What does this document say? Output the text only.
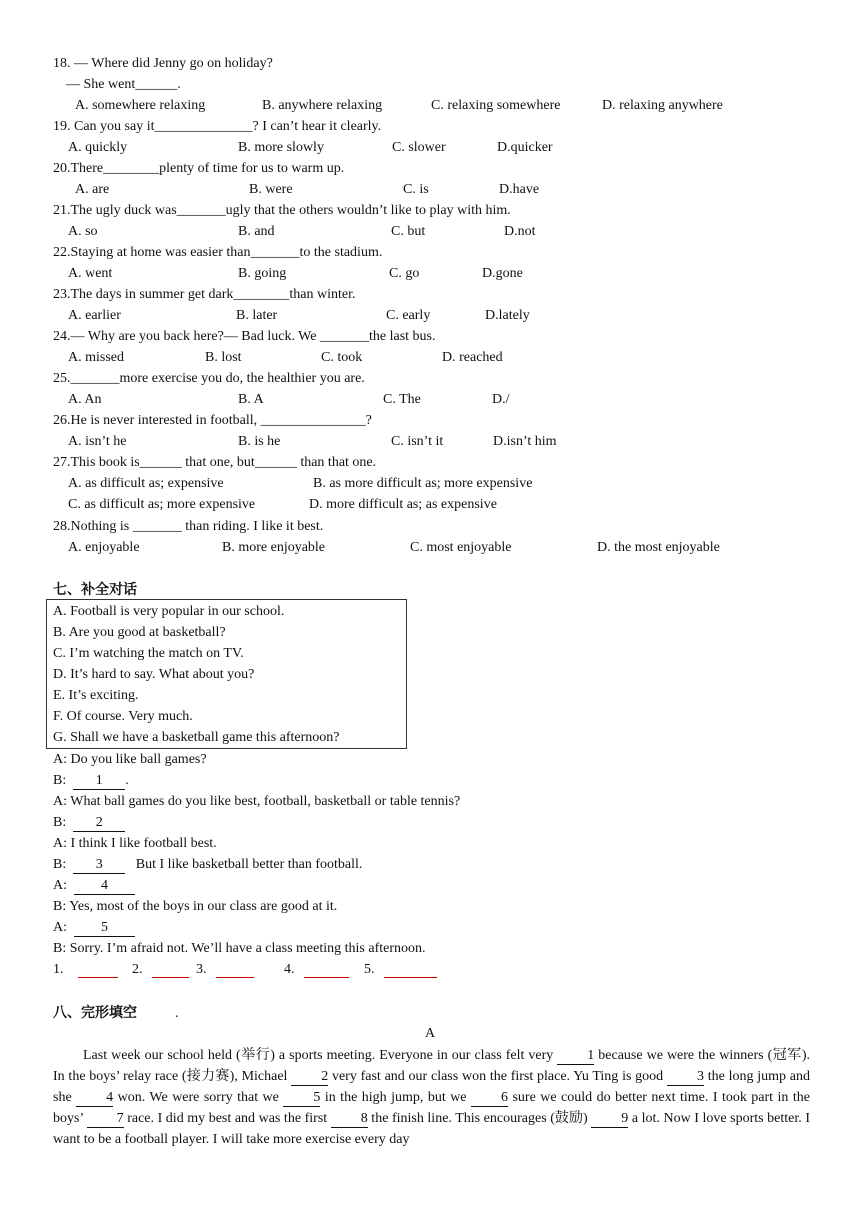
18. — Where did Jenny go on holiday?
— She went______.

A. somewhere relaxing

	B. anywhere relaxing

	C. relaxing somewhere

	D. relaxing anywhere

19. Can you say it______________? I can’t hear it clearly.

A. quickly

	B. more slowly

	C. slower

	D.quicker

20.There________plenty of time for us to warm up.

A. are

	B. were

	C. is

	D.have

21.The ugly duck was_______ugly that the others wouldn’t like to play with him.

A. so

	B. and

	C. but

	D.not

22.Staying at home was easier than_______to the stadium.

A. went

	B. going

	C. go

	D.gone

23.The days in summer get dark________than winter.

A. earlier

	B. later

	C. early

	D.lately

24.— Why are you back here?— Bad luck. We _______the last bus.

A. missed

	B. lost

	C. took

	D. reached

25._______more exercise you do, the healthier you are.

A. An

	B. A

	C. The

	D./

26.He is never interested in football, _______________?

A. isn’t he

	B. is he

	C. isn’t it

	D.isn’t him

27.This book is______ that one, but______ than that one.

A. as difficult as; expensive

	B. as more difficult as; more expensive

C. as difficult as; more expensive

	D. more difficult as; as expensive

28.Nothing is _______ than riding. I like it best.

A. enjoyable

	B. more enjoyable

	C. most enjoyable

	D. the most enjoyable

七、补全对话
A. Football is very popular in our school.
B. Are you good at basketball?
C. I’m watching the match on TV.
D. It’s hard to say. What about you?
E. It’s exciting.
F. Of course. Very much.
G. Shall we have a basketball game this afternoon?
A: Do you like ball games?
B:  1 .
A: What ball games do you like best, football, basketball or table tennis?
B:  2
A: I think I like football best.
B:  3   But I like basketball better than football.
A:  4
B: Yes, most of the boys in our class are good at it.
A:  5
B: Sorry. I’m afraid not. We’ll have a class meeting this afternoon.

1.

	2.

	3.

	4.

	5.

八、完形填空	.
A
Last week our school held (举行) a sports meeting. Everyone in our class felt very 1 because we were the winners (冠军). In the boys’ relay race (接力赛), Michael 2 very fast and our class won the first place. Yu Ting is good 3 the long jump and she 4 won. We were sorry that we 5 in the high jump, but we 6 sure we could do better next time. I took part in the boys’ 7 race. I did my best and was the first 8 the finish line. This encourages (鼓励) 9 a lot. Now I love sports better. I want to be a football player. I will take more exercise every day
